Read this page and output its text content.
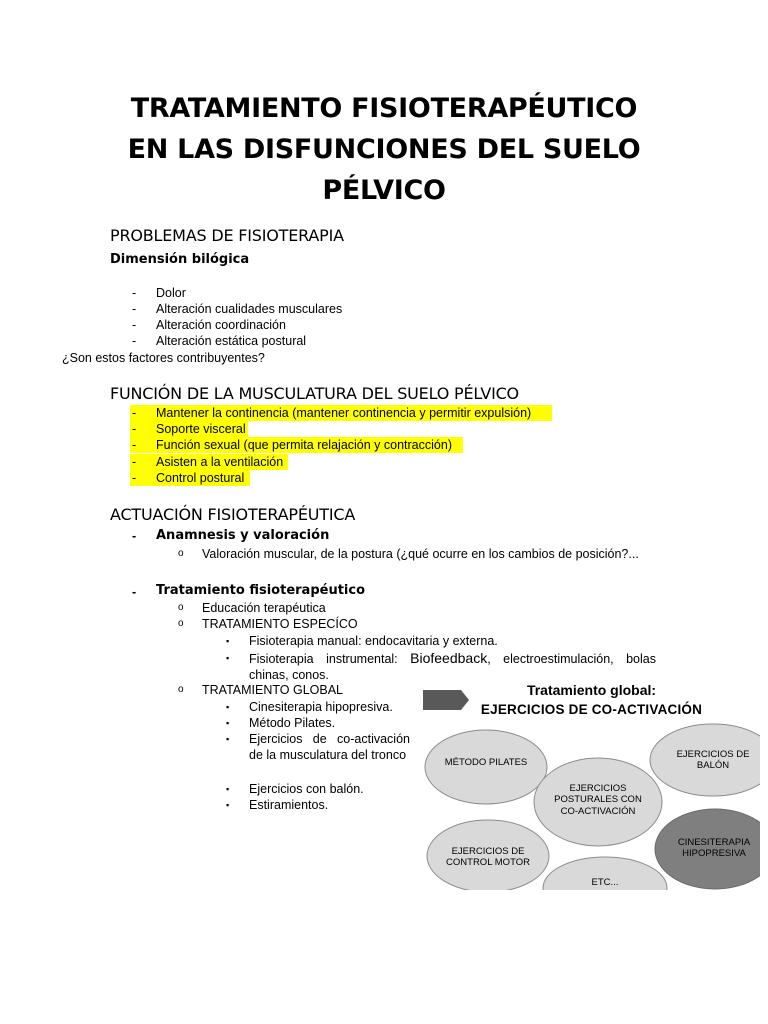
TRATAMIENTO FISIOTERAPÉUTICO
EN LAS DISFUNCIONES DEL SUELO
PÉLVICO
PROBLEMAS DE FISIOTERAPIA
Dimensión bilógica
- Dolor
- Alteración cualidades musculares
- Alteración coordinación
- Alteración estática postural
¿Son estos factores contribuyentes?
FUNCIÓN DE LA MUSCULATURA DEL SUELO PÉLVICO
- Mantener la continencia (mantener continencia y permitir expulsión)
- Soporte visceral
- Función sexual (que permita relajación y contracción)
- Asisten a la ventilación
- Control postural
ACTUACIÓN FISIOTERAPÉUTICA
- Anamnesis y valoración
o Valoración muscular, de la postura (¿qué ocurre en los cambios de posición?...
- Tratamiento fisioterapéutico
o Educación terapéutica
o TRATAMIENTO ESPECÍCO
▪ Fisioterapia manual: endocavitaria y externa.
▪ Fisioterapia instrumental: Biofeedback, electroestimulación, bolas chinas, conos.
o TRATAMIENTO GLOBAL
▪ Cinesiterapia hipopresiva.
▪ Método Pilates.
▪ Ejercicios de co-activación de la musculatura del tronco
▪ Ejercicios con balón.
▪ Estiramientos.
Tratamiento global:
EJERCICIOS DE CO-ACTIVACIÓN
MÉTODO PILATES
EJERCICIOS DE BALÓN
EJERCICIOS POSTURALES CON CO-ACTIVACIÓN
EJERCICIOS DE CONTROL MOTOR
CINESITERAPIA HIPOPRESIVA
ETC...
